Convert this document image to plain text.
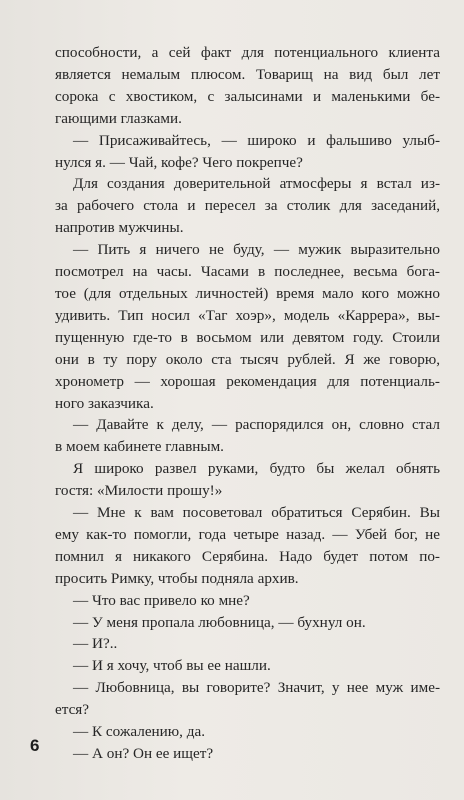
способности, а сей факт для потенциального клиента
является немалым плюсом. Товарищ на вид был лет
сорока с хвостиком, с залысинами и маленькими бе-
гающими глазками.
— Присаживайтесь, — широко и фальшиво улыб-
нулся я. — Чай, кофе? Чего покрепче?
Для создания доверительной атмосферы я встал из-
за рабочего стола и пересел за столик для заседаний,
напротив мужчины.
— Пить я ничего не буду, — мужик выразительно
посмотрел на часы. Часами в последнее, весьма бога-
тое (для отдельных личностей) время мало кого можно
удивить. Тип носил «Таг хоэр», модель «Каррера», вы-
пущенную где-то в восьмом или девятом году. Стоили
они в ту пору около ста тысяч рублей. Я же говорю,
хронометр — хорошая рекомендация для потенциаль-
ного заказчика.
— Давайте к делу, — распорядился он, словно стал
в моем кабинете главным.
Я широко развел руками, будто бы желал обнять
гостя: «Милости прошу!»
— Мне к вам посоветовал обратиться Серябин. Вы
ему как-то помогли, года четыре назад. — Убей бог, не
помнил я никакого Серябина. Надо будет потом по-
просить Римку, чтобы подняла архив.
— Что вас привело ко мне?
— У меня пропала любовница, — бухнул он.
— И?..
— И я хочу, чтоб вы ее нашли.
— Любовница, вы говорите? Значит, у нее муж име-
ется?
— К сожалению, да.
— А он? Он ее ищет?
6
